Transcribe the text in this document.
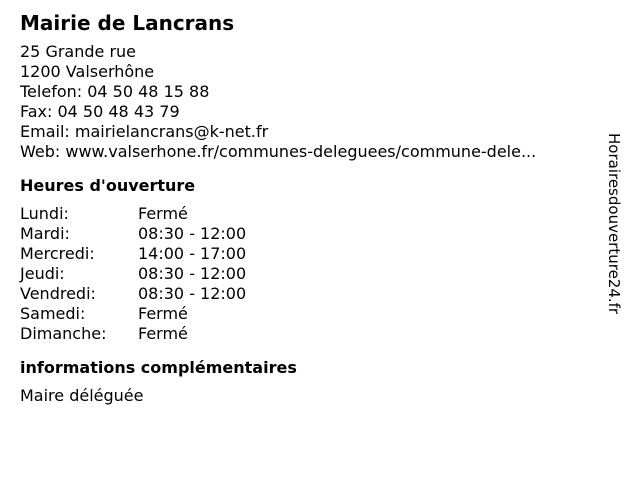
Mairie de Lancrans
25 Grande rue
1200 Valserhône
Telefon: 04 50 48 15 88
Fax: 04 50 48 43 79
Email: mairielancrans@k-net.fr
Web: www.valserhone.fr/communes-deleguees/commune-dele...
Heures d'ouverture
Lundi:	Fermé
Mardi:	08:30 - 12:00
Mercredi:	14:00 - 17:00
Jeudi:	08:30 - 12:00
Vendredi:	08:30 - 12:00
Samedi:	Fermé
Dimanche:	Fermé
informations complémentaires
Maire déléguée
Horairesdouverture24.fr
